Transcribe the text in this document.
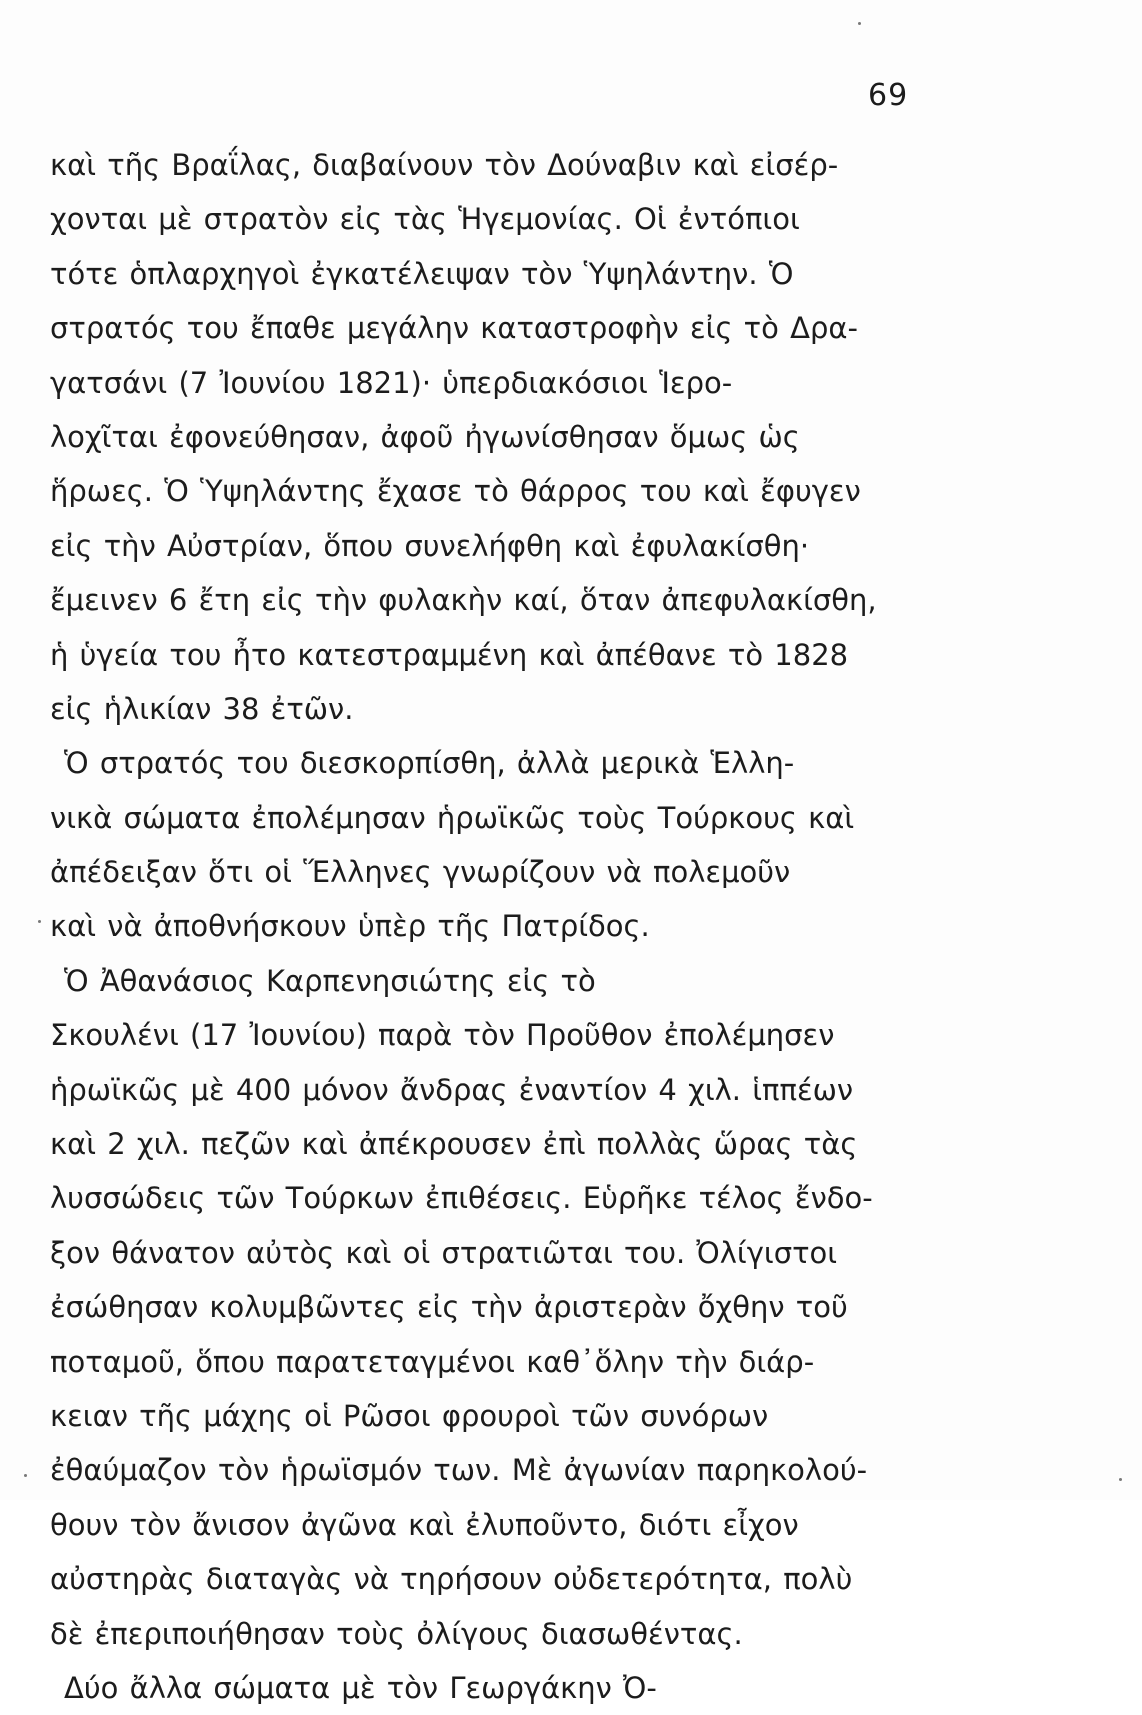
69
καὶ τῆς Βραΐλας, διαβαίνουν τὸν Δούναβιν καὶ εἰσέρ-
χονται μὲ στρατὸν εἰς τὰς Ἡγεμονίας. Οἱ ἐντόπιοι
τότε ὁπλαρχηγοὶ ἐγκατέλειψαν τὸν Ὑψηλάντην. Ὁ
στρατός του ἔπαθε μεγάλην καταστροφὴν εἰς τὸ Δρα-
γατσάνι (7 Ἰουνίου 1821)· ὑπερδιακόσιοι Ἱερο-
λοχῖται ἐφονεύθησαν, ἀφοῦ ἠγωνίσθησαν ὅμως ὡς
ἥρωες. Ὁ Ὑψηλάντης ἔχασε τὸ θάρρος του καὶ ἔφυγεν
εἰς τὴν Αὐστρίαν, ὅπου συνελήφθη καὶ ἐφυλακίσθη·
ἔμεινεν 6 ἔτη εἰς τὴν φυλακὴν καί, ὅταν ἀπεφυλακίσθη,
ἡ ὑγεία του ἦτο κατεστραμμένη καὶ ἀπέθανε τὸ 1828
εἰς ἡλικίαν 38 ἐτῶν.
Ὁ στρατός του διεσκορπίσθη, ἀλλὰ μερικὰ Ἑλλη-
νικὰ σώματα ἐπολέμησαν ἡρωϊκῶς τοὺς Τούρκους καὶ
ἀπέδειξαν ὅτι οἱ Ἕλληνες γνωρίζουν νὰ πολεμοῦν
καὶ νὰ ἀποθνήσκουν ὑπὲρ τῆς Πατρίδος.
Ὁ Ἀθανάσιος Καρπενησιώτης εἰς τὸ
Σκουλένι (17 Ἰουνίου) παρὰ τὸν Προῦθον ἐπολέμησεν
ἡρωϊκῶς μὲ 400 μόνον ἄνδρας ἐναντίον 4 χιλ. ἱππέων
καὶ 2 χιλ. πεζῶν καὶ ἀπέκρουσεν ἐπὶ πολλὰς ὥρας τὰς
λυσσώδεις τῶν Τούρκων ἐπιθέσεις. Εὑρῆκε τέλος ἔνδο-
ξον θάνατον αὐτὸς καὶ οἱ στρατιῶται του. Ὀλίγιστοι
ἐσώθησαν κολυμβῶντες εἰς τὴν ἀριστερὰν ὄχθην τοῦ
ποταμοῦ, ὅπου παρατεταγμένοι καθ᾽ὅλην τὴν διάρ-
κειαν τῆς μάχης οἱ Ρῶσοι φρουροὶ τῶν συνόρων
ἐθαύμαζον τὸν ἡρωϊσμόν των. Μὲ ἀγωνίαν παρηκολού-
θουν τὸν ἄνισον ἀγῶνα καὶ ἐλυποῦντο, διότι εἶχον
αὐστηρὰς διαταγὰς νὰ τηρήσουν οὐδετερότητα, πολὺ
δὲ ἐπεριποιήθησαν τοὺς ὀλίγους διασωθέντας.
Δύο ἄλλα σώματα μὲ τὸν Γεωργάκην Ὀ-
